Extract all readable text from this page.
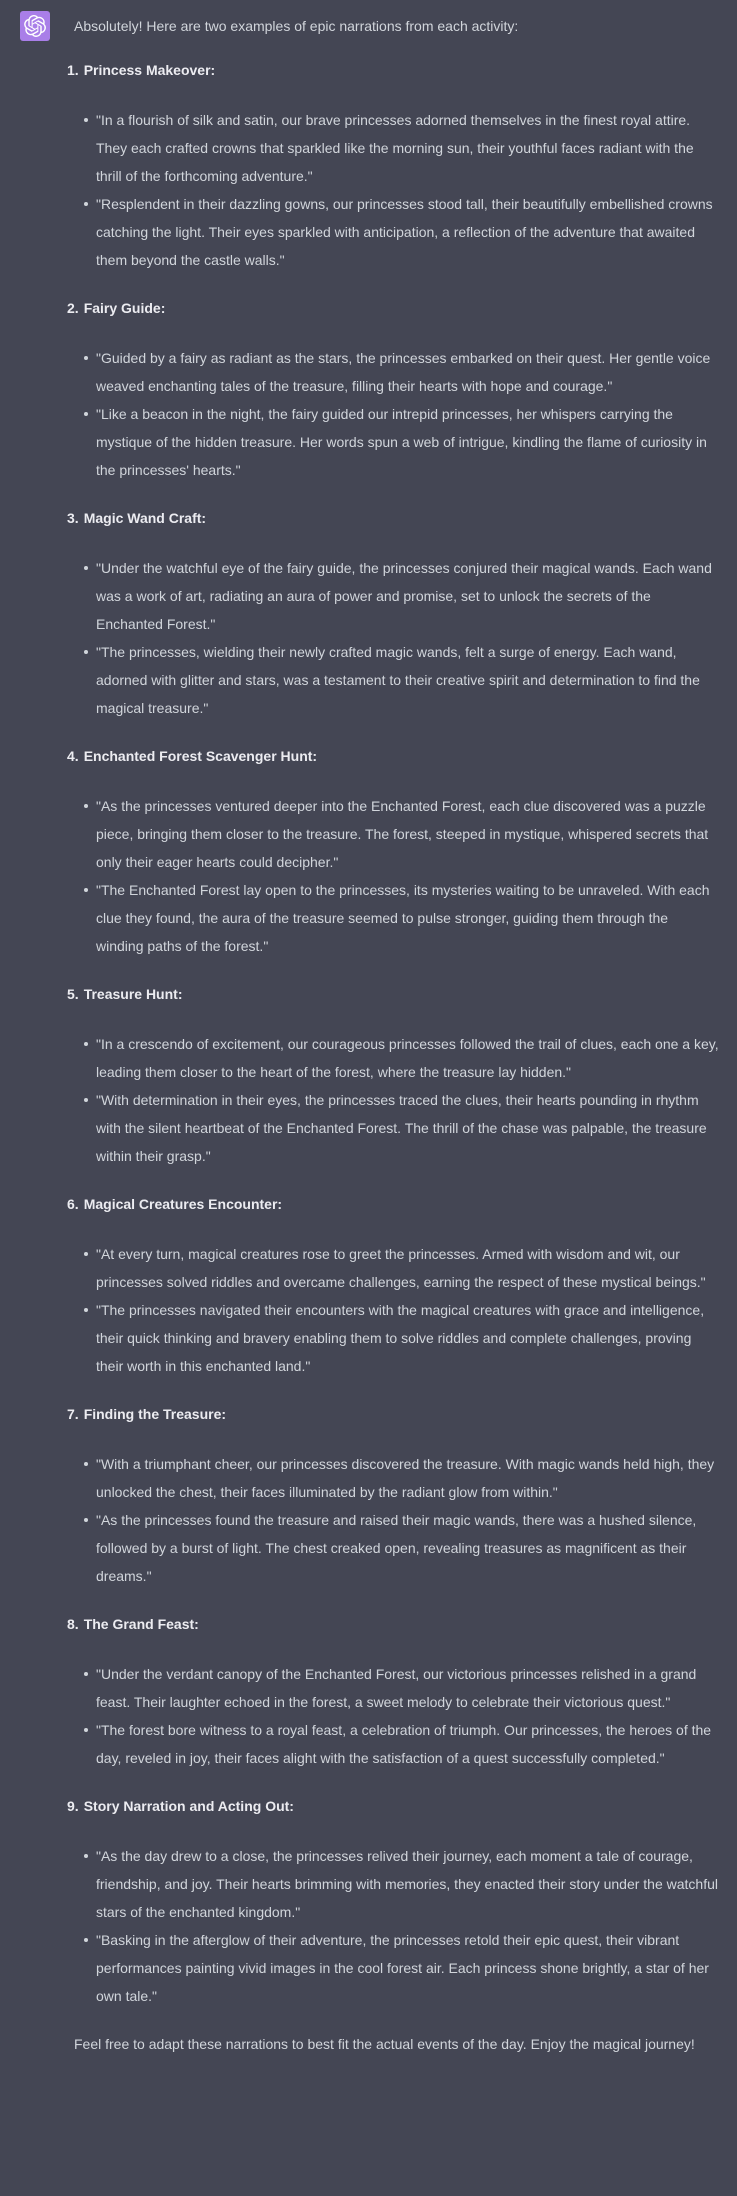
Absolutely! Here are two examples of epic narrations from each activity:

1. Princess Makeover:

"In a flourish of silk and satin, our brave princesses adorned themselves in the finest royal attire. They each crafted crowns that sparkled like the morning sun, their youthful faces radiant with the thrill of the forthcoming adventure."
"Resplendent in their dazzling gowns, our princesses stood tall, their beautifully embellished crowns catching the light. Their eyes sparkled with anticipation, a reflection of the adventure that awaited them beyond the castle walls."

2. Fairy Guide:

"Guided by a fairy as radiant as the stars, the princesses embarked on their quest. Her gentle voice weaved enchanting tales of the treasure, filling their hearts with hope and courage."
"Like a beacon in the night, the fairy guided our intrepid princesses, her whispers carrying the mystique of the hidden treasure. Her words spun a web of intrigue, kindling the flame of curiosity in the princesses' hearts."

3. Magic Wand Craft:

"Under the watchful eye of the fairy guide, the princesses conjured their magical wands. Each wand was a work of art, radiating an aura of power and promise, set to unlock the secrets of the Enchanted Forest."
"The princesses, wielding their newly crafted magic wands, felt a surge of energy. Each wand, adorned with glitter and stars, was a testament to their creative spirit and determination to find the magical treasure."

4. Enchanted Forest Scavenger Hunt:

"As the princesses ventured deeper into the Enchanted Forest, each clue discovered was a puzzle piece, bringing them closer to the treasure. The forest, steeped in mystique, whispered secrets that only their eager hearts could decipher."
"The Enchanted Forest lay open to the princesses, its mysteries waiting to be unraveled. With each clue they found, the aura of the treasure seemed to pulse stronger, guiding them through the winding paths of the forest."

5. Treasure Hunt:

"In a crescendo of excitement, our courageous princesses followed the trail of clues, each one a key, leading them closer to the heart of the forest, where the treasure lay hidden."
"With determination in their eyes, the princesses traced the clues, their hearts pounding in rhythm with the silent heartbeat of the Enchanted Forest. The thrill of the chase was palpable, the treasure within their grasp."

6. Magical Creatures Encounter:

"At every turn, magical creatures rose to greet the princesses. Armed with wisdom and wit, our princesses solved riddles and overcame challenges, earning the respect of these mystical beings."
"The princesses navigated their encounters with the magical creatures with grace and intelligence, their quick thinking and bravery enabling them to solve riddles and complete challenges, proving their worth in this enchanted land."

7. Finding the Treasure:

"With a triumphant cheer, our princesses discovered the treasure. With magic wands held high, they unlocked the chest, their faces illuminated by the radiant glow from within."
"As the princesses found the treasure and raised their magic wands, there was a hushed silence, followed by a burst of light. The chest creaked open, revealing treasures as magnificent as their dreams."

8. The Grand Feast:

"Under the verdant canopy of the Enchanted Forest, our victorious princesses relished in a grand feast. Their laughter echoed in the forest, a sweet melody to celebrate their victorious quest."
"The forest bore witness to a royal feast, a celebration of triumph. Our princesses, the heroes of the day, reveled in joy, their faces alight with the satisfaction of a quest successfully completed."

9. Story Narration and Acting Out:

"As the day drew to a close, the princesses relived their journey, each moment a tale of courage, friendship, and joy. Their hearts brimming with memories, they enacted their story under the watchful stars of the enchanted kingdom."
"Basking in the afterglow of their adventure, the princesses retold their epic quest, their vibrant performances painting vivid images in the cool forest air. Each princess shone brightly, a star of her own tale."

Feel free to adapt these narrations to best fit the actual events of the day. Enjoy the magical journey!
